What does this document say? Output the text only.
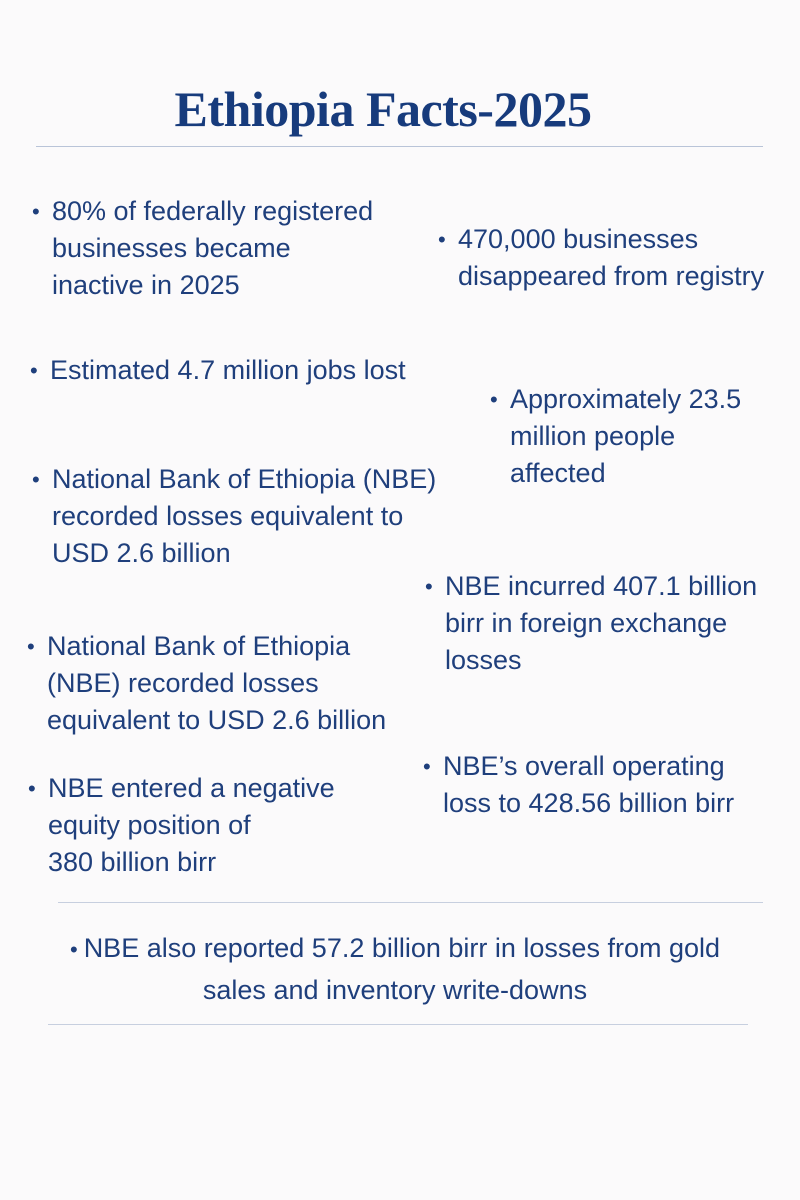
Ethiopia Facts-2025
• 80% of federally registered
businesses became
inactive in 2025
• 470,000 businesses
disappeared from registry
• Estimated 4.7 million jobs lost
• Approximately 23.5
million people
affected
• National Bank of Ethiopia (NBE)
recorded losses equivalent to
USD 2.6 billion
• NBE incurred 407.1 billion
birr in foreign exchange
losses
• National Bank of Ethiopia
(NBE) recorded losses
equivalent to USD 2.6 billion
• NBE’s overall operating
loss to 428.56 billion birr
• NBE entered a negative
equity position of
380 billion birr
• NBE also reported 57.2 billion birr in losses from gold
sales and inventory write-downs
